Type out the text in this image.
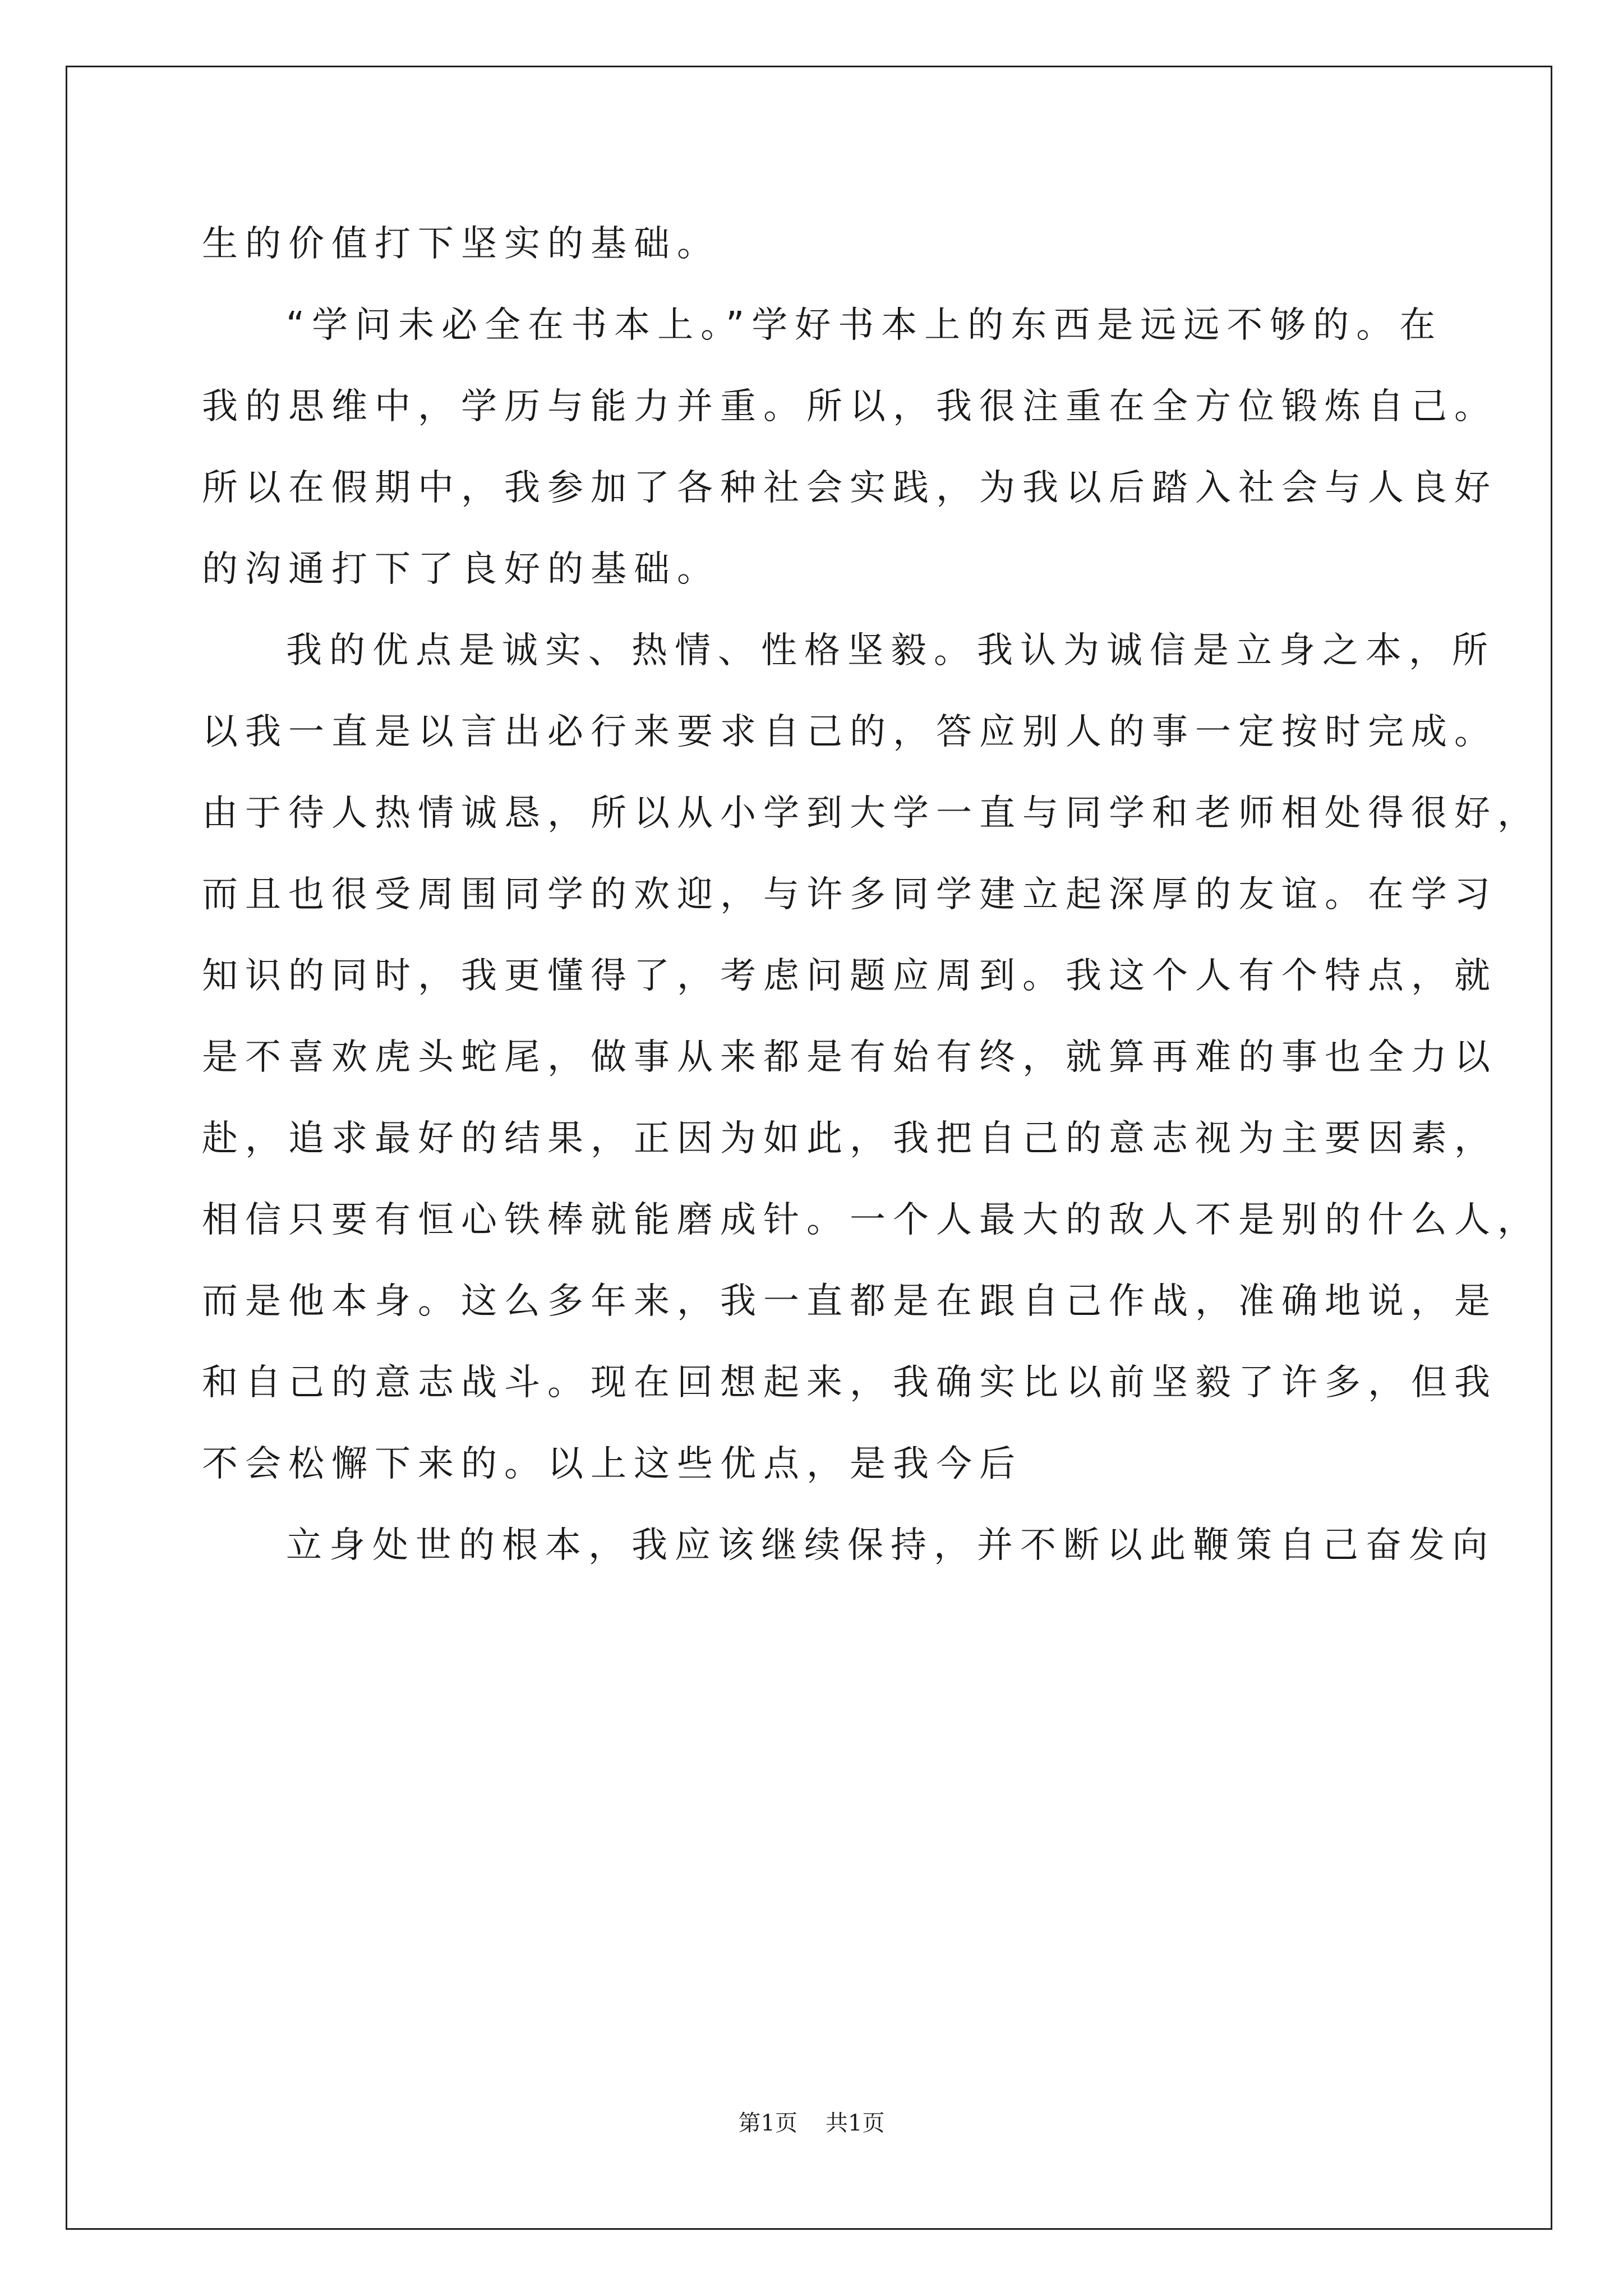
生的价值打下坚实的基础。
“学问未必全在书本上。”学好书本上的东西是远远不够的。在
我的思维中，学历与能力并重。所以，我很注重在全方位锻炼自己。
所以在假期中，我参加了各种社会实践，为我以后踏入社会与人良好
的沟通打下了良好的基础。
我的优点是诚实、热情、性格坚毅。我认为诚信是立身之本，所
以我一直是以言出必行来要求自己的，答应别人的事一定按时完成。
由于待人热情诚恳，所以从小学到大学一直与同学和老师相处得很好，
而且也很受周围同学的欢迎，与许多同学建立起深厚的友谊。在学习
知识的同时，我更懂得了，考虑问题应周到。我这个人有个特点，就
是不喜欢虎头蛇尾，做事从来都是有始有终，就算再难的事也全力以
赴，追求最好的结果，正因为如此，我把自己的意志视为主要因素，
相信只要有恒心铁棒就能磨成针。一个人最大的敌人不是别的什么人，
而是他本身。这么多年来，我一直都是在跟自己作战，准确地说，是
和自己的意志战斗。现在回想起来，我确实比以前坚毅了许多，但我
不会松懈下来的。以上这些优点，是我今后
立身处世的根本，我应该继续保持，并不断以此鞭策自己奋发向
第1页 共1页
